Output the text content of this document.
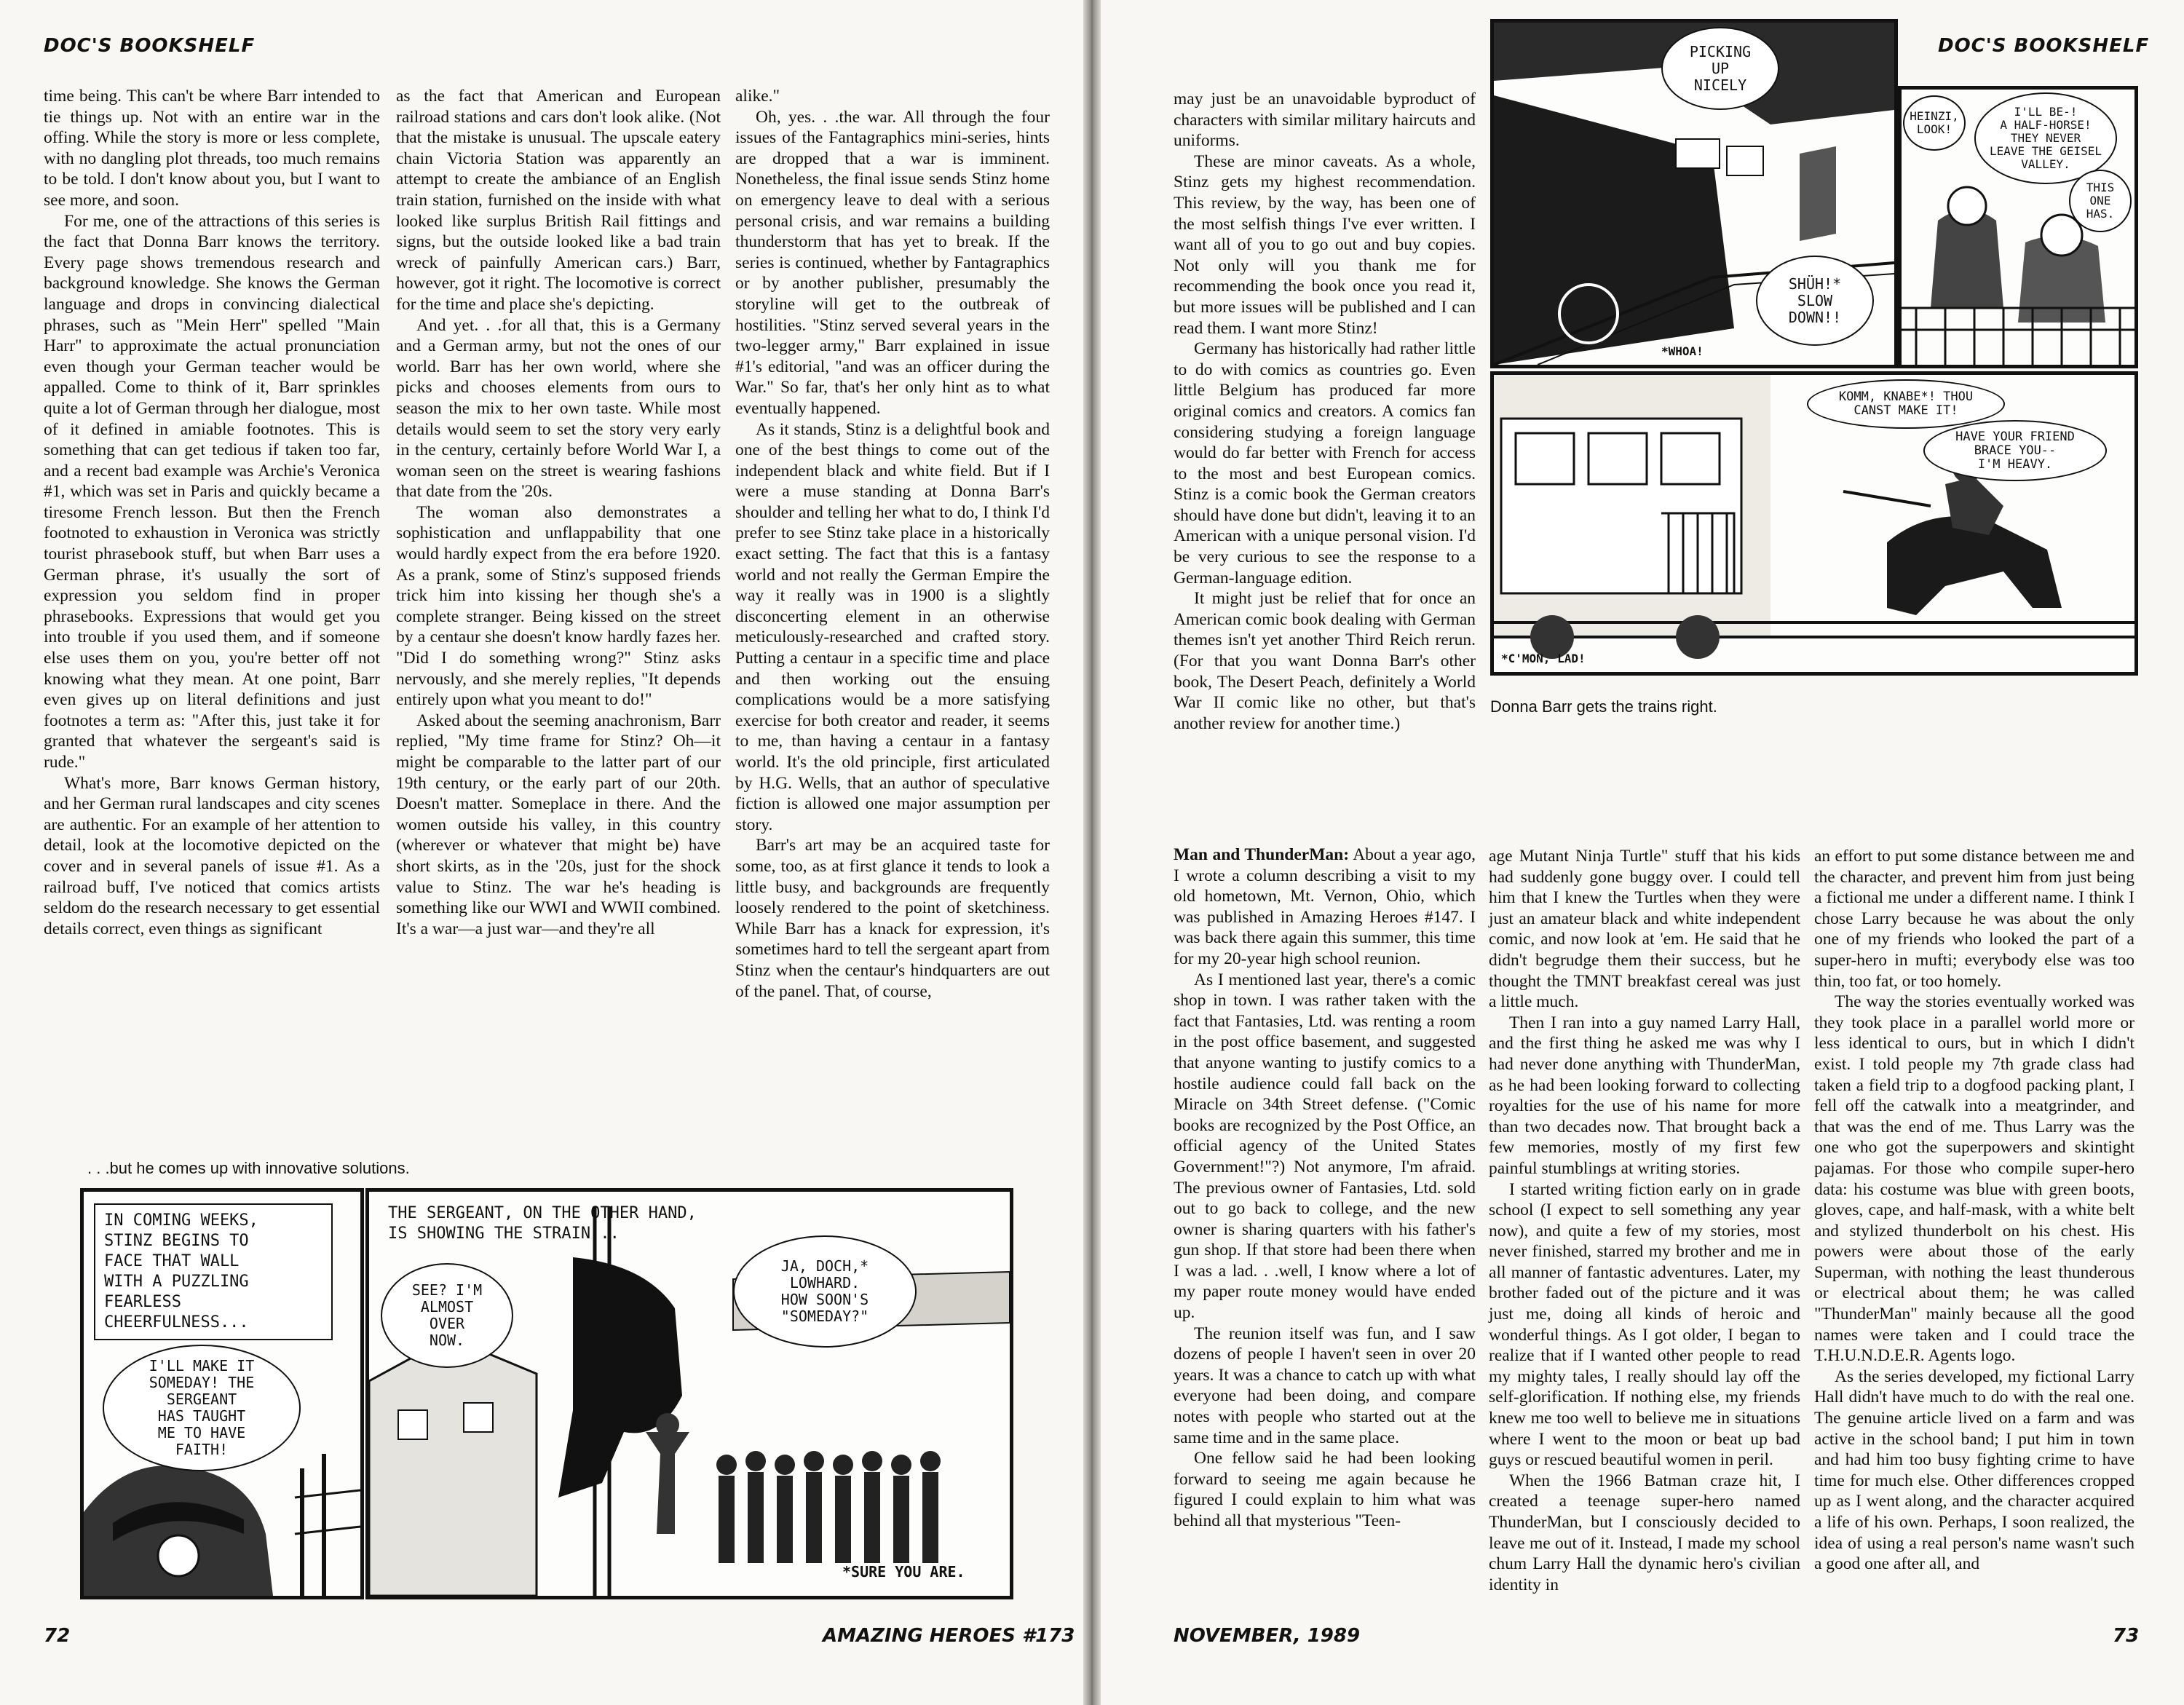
DOC'S BOOKSHELF

time being. This can't be where Barr intended to tie things up. Not with an entire war in the offing. While the story is more or less complete, with no dangling plot threads, too much remains to be told. I don't know about you, but I want to see more, and soon.

For me, one of the attractions of this series is the fact that Donna Barr knows the territory. Every page shows tremendous research and background knowledge. She knows the German language and drops in convincing dialectical phrases, such as "Mein Herr" spelled "Main Harr" to approximate the actual pronunciation even though your German teacher would be appalled. Come to think of it, Barr sprinkles quite a lot of German through her dialogue, most of it defined in amiable footnotes. This is something that can get tedious if taken too far, and a recent bad example was Archie's Veronica #1, which was set in Paris and quickly became a tiresome French lesson. But then the French footnoted to exhaustion in Veronica was strictly tourist phrasebook stuff, but when Barr uses a German phrase, it's usually the sort of expression you seldom find in proper phrasebooks. Expressions that would get you into trouble if you used them, and if someone else uses them on you, you're better off not knowing what they mean. At one point, Barr even gives up on literal definitions and just footnotes a term as: "After this, just take it for granted that whatever the sergeant's said is rude."

What's more, Barr knows German history, and her German rural landscapes and city scenes are authentic. For an example of her attention to detail, look at the locomotive depicted on the cover and in several panels of issue #1. As a railroad buff, I've noticed that comics artists seldom do the research necessary to get essential details correct, even things as significant

as the fact that American and European railroad stations and cars don't look alike. (Not that the mistake is unusual. The upscale eatery chain Victoria Station was apparently an attempt to create the ambiance of an English train station, furnished on the inside with what looked like surplus British Rail fittings and signs, but the outside looked like a bad train wreck of painfully American cars.) Barr, however, got it right. The locomotive is correct for the time and place she's depicting.

And yet. . .for all that, this is a Germany and a German army, but not the ones of our world. Barr has her own world, where she picks and chooses elements from ours to season the mix to her own taste. While most details would seem to set the story very early in the century, certainly before World War I, a woman seen on the street is wearing fashions that date from the '20s.

The woman also demonstrates a sophistication and unflappability that one would hardly expect from the era before 1920. As a prank, some of Stinz's supposed friends trick him into kissing her though she's a complete stranger. Being kissed on the street by a centaur she doesn't know hardly fazes her. "Did I do something wrong?" Stinz asks nervously, and she merely replies, "It depends entirely upon what you meant to do!"

Asked about the seeming anachronism, Barr replied, "My time frame for Stinz? Oh—it might be comparable to the latter part of our 19th century, or the early part of our 20th. Doesn't matter. Someplace in there. And the women outside his valley, in this country (wherever or whatever that might be) have short skirts, as in the '20s, just for the shock value to Stinz. The war he's heading is something like our WWI and WWII combined. It's a war—a just war—and they're all

alike."

Oh, yes. . .the war. All through the four issues of the Fantagraphics mini-series, hints are dropped that a war is imminent. Nonetheless, the final issue sends Stinz home on emergency leave to deal with a serious personal crisis, and war remains a building thunderstorm that has yet to break. If the series is continued, whether by Fantagraphics or by another publisher, presumably the storyline will get to the outbreak of hostilities. "Stinz served several years in the two-legger army," Barr explained in issue #1's editorial, "and was an officer during the War." So far, that's her only hint as to what eventually happened.

As it stands, Stinz is a delightful book and one of the best things to come out of the independent black and white field. But if I were a muse standing at Donna Barr's shoulder and telling her what to do, I think I'd prefer to see Stinz take place in a historically exact setting. The fact that this is a fantasy world and not really the German Empire the way it really was in 1900 is a slightly disconcerting element in an otherwise meticulously-researched and crafted story. Putting a centaur in a specific time and place and then working out the ensuing complications would be a more satisfying exercise for both creator and reader, it seems to me, than having a centaur in a fantasy world. It's the old principle, first articulated by H.G. Wells, that an author of speculative fiction is allowed one major assumption per story.

Barr's art may be an acquired taste for some, too, as at first glance it tends to look a little busy, and backgrounds are frequently loosely rendered to the point of sketchiness. While Barr has a knack for expression, it's sometimes hard to tell the sergeant apart from Stinz when the centaur's hindquarters are out of the panel. That, of course,

. . .but he comes up with innovative solutions.
IN COMING WEEKS,
STINZ BEGINS TO
FACE THAT WALL
WITH A PUZZLING
FEARLESS
CHEERFULNESS...
I'LL MAKE IT
SOMEDAY! THE
SERGEANT
HAS TAUGHT
ME TO HAVE
FAITH!
THE SERGEANT, ON THE OTHER HAND,
IS SHOWING THE STRAIN...
SEE? I'M
ALMOST
OVER
NOW.
JA, DOCH,*
LOWHARD.
HOW SOON'S
"SOMEDAY?"
*SURE YOU ARE.
72	AMAZING HEROES #173
DOC'S BOOKSHELF

may just be an unavoidable byproduct of characters with similar military haircuts and uniforms.

These are minor caveats. As a whole, Stinz gets my highest recommendation. This review, by the way, has been one of the most selfish things I've ever written. I want all of you to go out and buy copies. Not only will you thank me for recommending the book once you read it, but more issues will be published and I can read them. I want more Stinz!

Germany has historically had rather little to do with comics as countries go. Even little Belgium has produced far more original comics and creators. A comics fan considering studying a foreign language would do far better with French for access to the most and best European comics. Stinz is a comic book the German creators should have done but didn't, leaving it to an American with a unique personal vision. I'd be very curious to see the response to a German-language edition.

It might just be relief that for once an American comic book dealing with German themes isn't yet another Third Reich rerun. (For that you want Donna Barr's other book, The Desert Peach, definitely a World War II comic like no other, but that's another review for another time.)

Man and ThunderMan: About a year ago, I wrote a column describing a visit to my old hometown, Mt. Vernon, Ohio, which was published in Amazing Heroes #147. I was back there again this summer, this time for my 20-year high school reunion.

As I mentioned last year, there's a comic shop in town. I was rather taken with the fact that Fantasies, Ltd. was renting a room in the post office basement, and suggested that anyone wanting to justify comics to a hostile audience could fall back on the Miracle on 34th Street defense. ("Comic books are recognized by the Post Office, an official agency of the United States Government!"?) Not anymore, I'm afraid. The previous owner of Fantasies, Ltd. sold out to go back to college, and the new owner is sharing quarters with his father's gun shop. If that store had been there when I was a lad. . .well, I know where a lot of my paper route money would have ended up.

The reunion itself was fun, and I saw dozens of people I haven't seen in over 20 years. It was a chance to catch up with what everyone had been doing, and compare notes with people who started out at the same time and in the same place.

One fellow said he had been looking forward to seeing me again because he figured I could explain to him what was behind all that mysterious "Teen-

age Mutant Ninja Turtle" stuff that his kids had suddenly gone buggy over. I could tell him that I knew the Turtles when they were just an amateur black and white independent comic, and now look at 'em. He said that he didn't begrudge them their success, but he thought the TMNT breakfast cereal was just a little much.

Then I ran into a guy named Larry Hall, and the first thing he asked me was why I had never done anything with ThunderMan, as he had been looking forward to collecting royalties for the use of his name for more than two decades now. That brought back a few memories, mostly of my first few painful stumblings at writing stories.

I started writing fiction early on in grade school (I expect to sell something any year now), and quite a few of my stories, most never finished, starred my brother and me in all manner of fantastic adventures. Later, my brother faded out of the picture and it was just me, doing all kinds of heroic and wonderful things. As I got older, I began to realize that if I wanted other people to read my mighty tales, I really should lay off the self-glorification. If nothing else, my friends knew me too well to believe me in situations where I went to the moon or beat up bad guys or rescued beautiful women in peril.

When the 1966 Batman craze hit, I created a teenage super-hero named ThunderMan, but I consciously decided to leave me out of it. Instead, I made my school chum Larry Hall the dynamic hero's civilian identity in

an effort to put some distance between me and the character, and prevent him from just being a fictional me under a different name. I think I chose Larry because he was about the only one of my friends who looked the part of a super-hero in mufti; everybody else was too thin, too fat, or too homely.

The way the stories eventually worked was they took place in a parallel world more or less identical to ours, but in which I didn't exist. I told people my 7th grade class had taken a field trip to a dogfood packing plant, I fell off the catwalk into a meatgrinder, and that was the end of me. Thus Larry was the one who got the superpowers and skintight pajamas. For those who compile super-hero data: his costume was blue with green boots, gloves, cape, and half-mask, with a white belt and stylized thunderbolt on his chest. His powers were about those of the early Superman, with nothing the least thunderous or electrical about them; he was called "ThunderMan" mainly because all the good names were taken and I could trace the T.H.U.N.D.E.R. Agents logo.

As the series developed, my fictional Larry Hall didn't have much to do with the real one. The genuine article lived on a farm and was active in the school band; I put him in town and had him too busy fighting crime to have time for much else. Other differences cropped up as I went along, and the character acquired a life of his own. Perhaps, I soon realized, the idea of using a real person's name wasn't such a good one after all, and

PICKING
UP
NICELY
SHÜH!*
SLOW
DOWN!!
*WHOA!
HEINZI,
LOOK!
I'LL BE-!
A HALF-HORSE!
THEY NEVER
LEAVE THE GEISEL
VALLEY.
THIS
ONE
HAS.
KOMM, KNABE*! THOU
CANST MAKE IT!
HAVE YOUR FRIEND
BRACE YOU--
I'M HEAVY.
*C'MON, LAD!
Donna Barr gets the trains right.
NOVEMBER, 1989	73
